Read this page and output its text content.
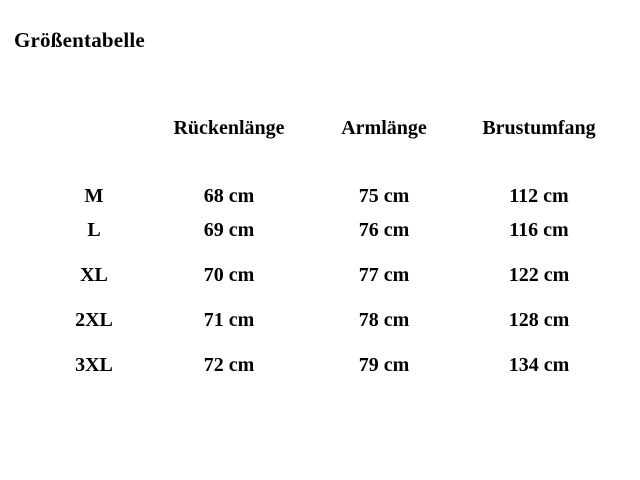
Größentabelle
	Rückenlänge	Armlänge	Brustumfang
M	68 cm	75 cm	112 cm
L	69 cm	76 cm	116 cm
XL	70 cm	77 cm	122 cm
2XL	71 cm	78 cm	128 cm
3XL	72 cm	79 cm	134 cm
